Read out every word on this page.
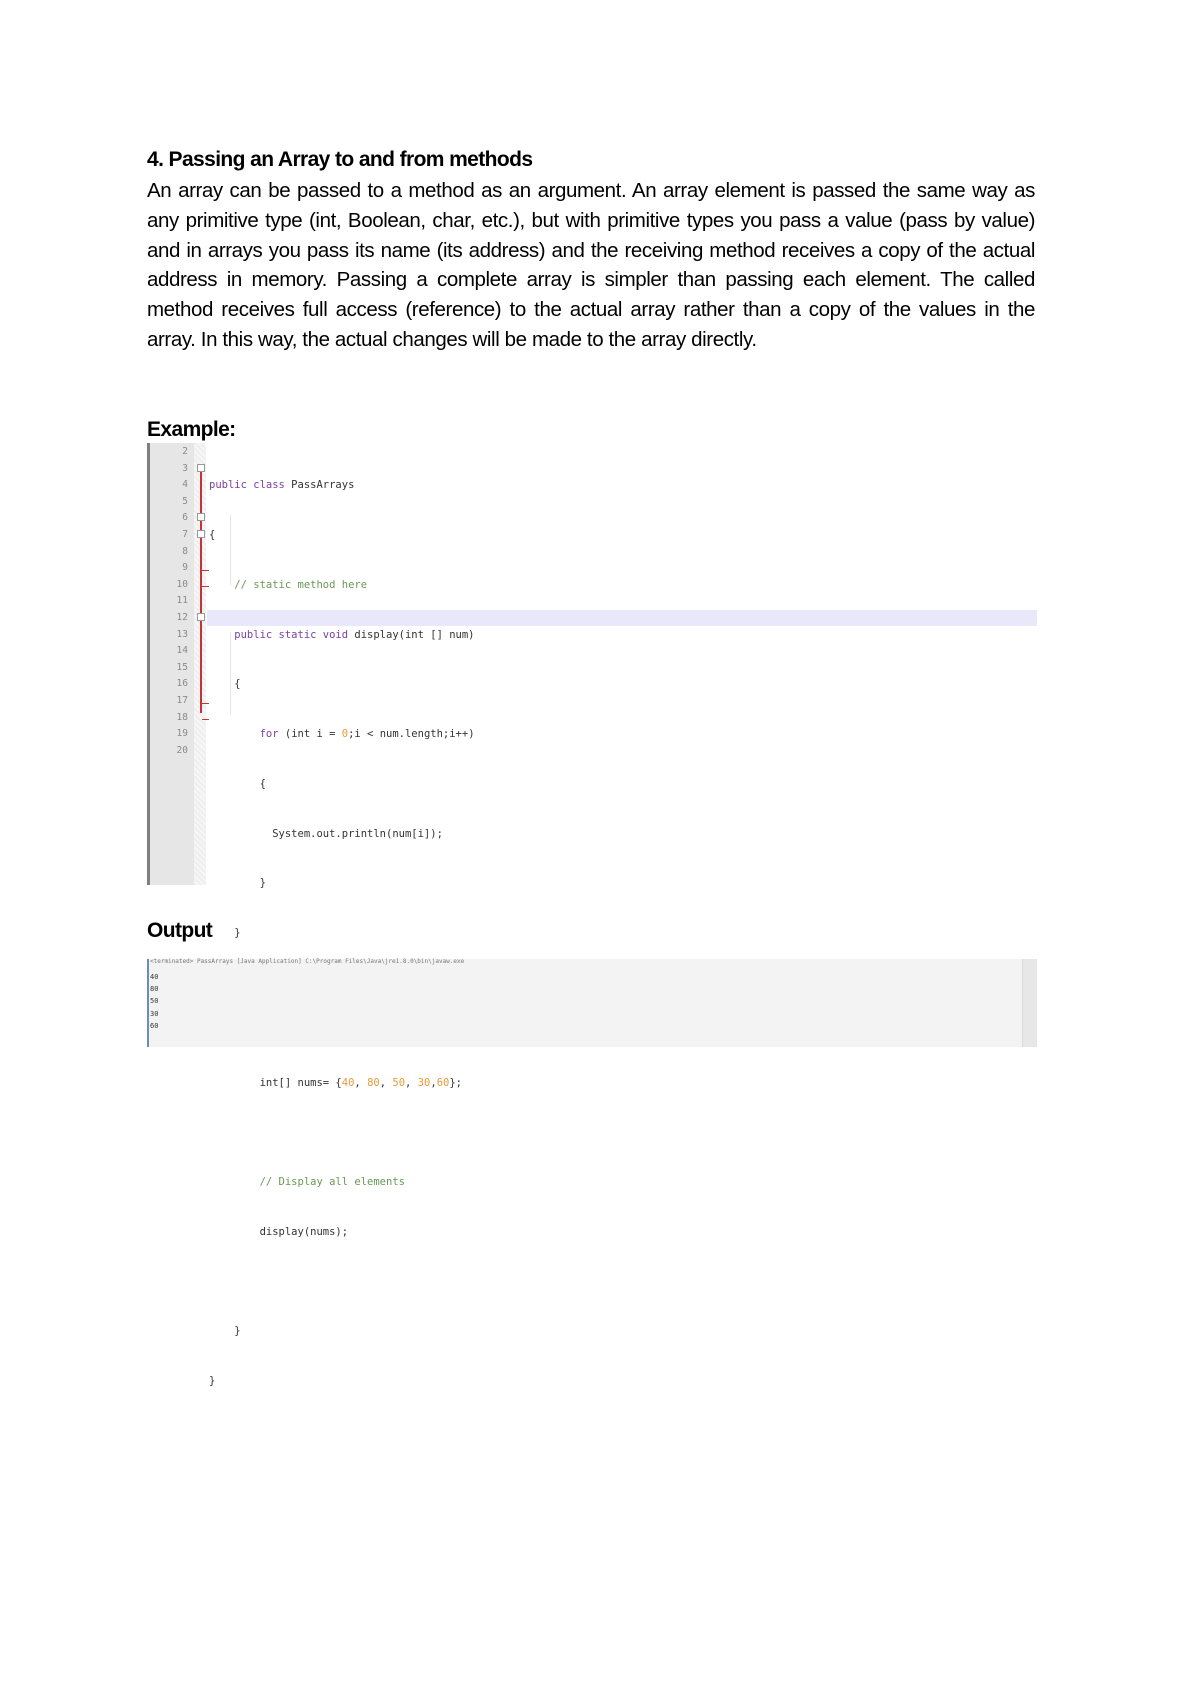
4. Passing an Array to and from methods

An array can be passed to a method as an argument. An array element is passed the same way as any primitive type (int, Boolean, char, etc.), but with primitive types you pass a value (pass by value) and in arrays you pass its name (its address) and the receiving method receives a copy of the actual address in memory. Passing a complete array is simpler than passing each element. The called method receives full access (reference) to the actual array rather than a copy of the values in the array. In this way, the actual changes will be made to the array directly.

Example:
2
3
4
5
6
7
8
9
10
11
12
13
14
15
16
17
18
19
20

public class PassArrays

{

// static method here

public static void display(int [] num)

{

for (int i = 0;i < num.length;i++)

{

System.out.println(num[i]);

}

}

int[] nums= {40, 80, 50, 30,60};

// Display all elements

display(nums);

}

}

Output
<terminated> PassArrays [Java Application] C:\Program Files\Java\jre1.8.0\bin\javaw.exe
40
80
50
30
60
